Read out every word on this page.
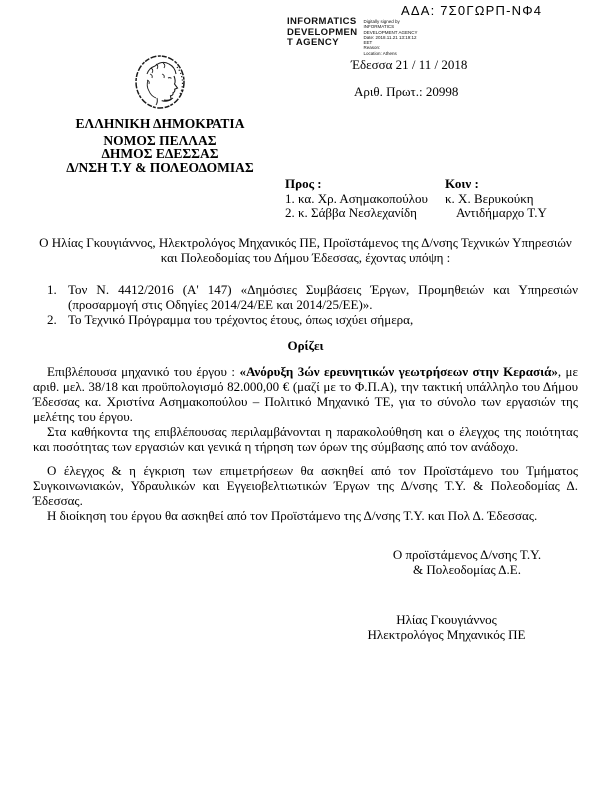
ΑΔΑ: 7Σ0ΓΩΡΠ-ΝΦ4
INFORMATICS
DEVELOPMEN
T AGENCY
Digitally signed by
INFORMATICS
DEVELOPMENT AGENCY
Date: 2018.11.21 13:19:12
EET
Reason:
Location: Athens
Έδεσσα 21 / 11 / 2018
Αριθ. Πρωτ.: 20998
ΕΛΛΗΝΙΚΗ ΔΗΜΟΚΡΑΤΙΑ
ΝΟΜΟΣ ΠΕΛΛΑΣ
ΔΗΜΟΣ ΕΔΕΣΣΑΣ
Δ/ΝΣΗ Τ.Υ & ΠΟΛΕΟΔΟΜΙΑΣ
Προς :
1. κα. Χρ. Ασημακοπούλου
2. κ. Σάββα Νεσλεχανίδη
Κοιν :
κ. Χ. Βερυκούκη
Αντιδήμαρχο Τ.Υ
Ο Ηλίας Γκουγιάννος, Ηλεκτρολόγος Μηχανικός ΠΕ, Προϊστάμενος της Δ/νσης Τεχνικών Υπηρεσιών και Πολεοδομίας του Δήμου Έδεσσας, έχοντας υπόψη :
1. Τον Ν. 4412/2016 (Α' 147) «Δημόσιες Συμβάσεις Έργων, Προμηθειών και Υπηρεσιών (προσαρμογή στις Οδηγίες 2014/24/ΕΕ και 2014/25/ΕΕ)».
2. Το Τεχνικό Πρόγραμμα του τρέχοντος έτους, όπως ισχύει σήμερα,
Ορίζει

Επιβλέπουσα μηχανικό του έργου : «Ανόρυξη 3ών ερευνητικών γεωτρήσεων στην Κερασιά», με αριθ. μελ. 38/18 και προϋπολογισμό 82.000,00 € (μαζί με το Φ.Π.Α), την τακτική υπάλληλο του Δήμου Έδεσσας κα. Χριστίνα Ασημακοπούλου – Πολιτικό Μηχανικό ΤΕ, για το σύνολο των εργασιών της μελέτης του έργου.

Στα καθήκοντα της επιβλέπουσας περιλαμβάνονται η παρακολούθηση και ο έλεγχος της ποιότητας και ποσότητας των εργασιών και γενικά η τήρηση των όρων της σύμβασης από τον ανάδοχο.

Ο έλεγχος & η έγκριση των επιμετρήσεων θα ασκηθεί από τον Προϊστάμενο του Τμήματος Συγκοινωνιακών, Υδραυλικών και Εγγειοβελτιωτικών Έργων της Δ/νσης Τ.Υ. & Πολεοδομίας Δ. Έδεσσας.

Η διοίκηση του έργου θα ασκηθεί από τον Προϊστάμενο της Δ/νσης Τ.Υ. και Πολ Δ. Έδεσσας.

Ο προϊστάμενος Δ/νσης Τ.Υ.
& Πολεοδομίας Δ.Ε.
Ηλίας Γκουγιάννος
Ηλεκτρολόγος Μηχανικός ΠΕ
